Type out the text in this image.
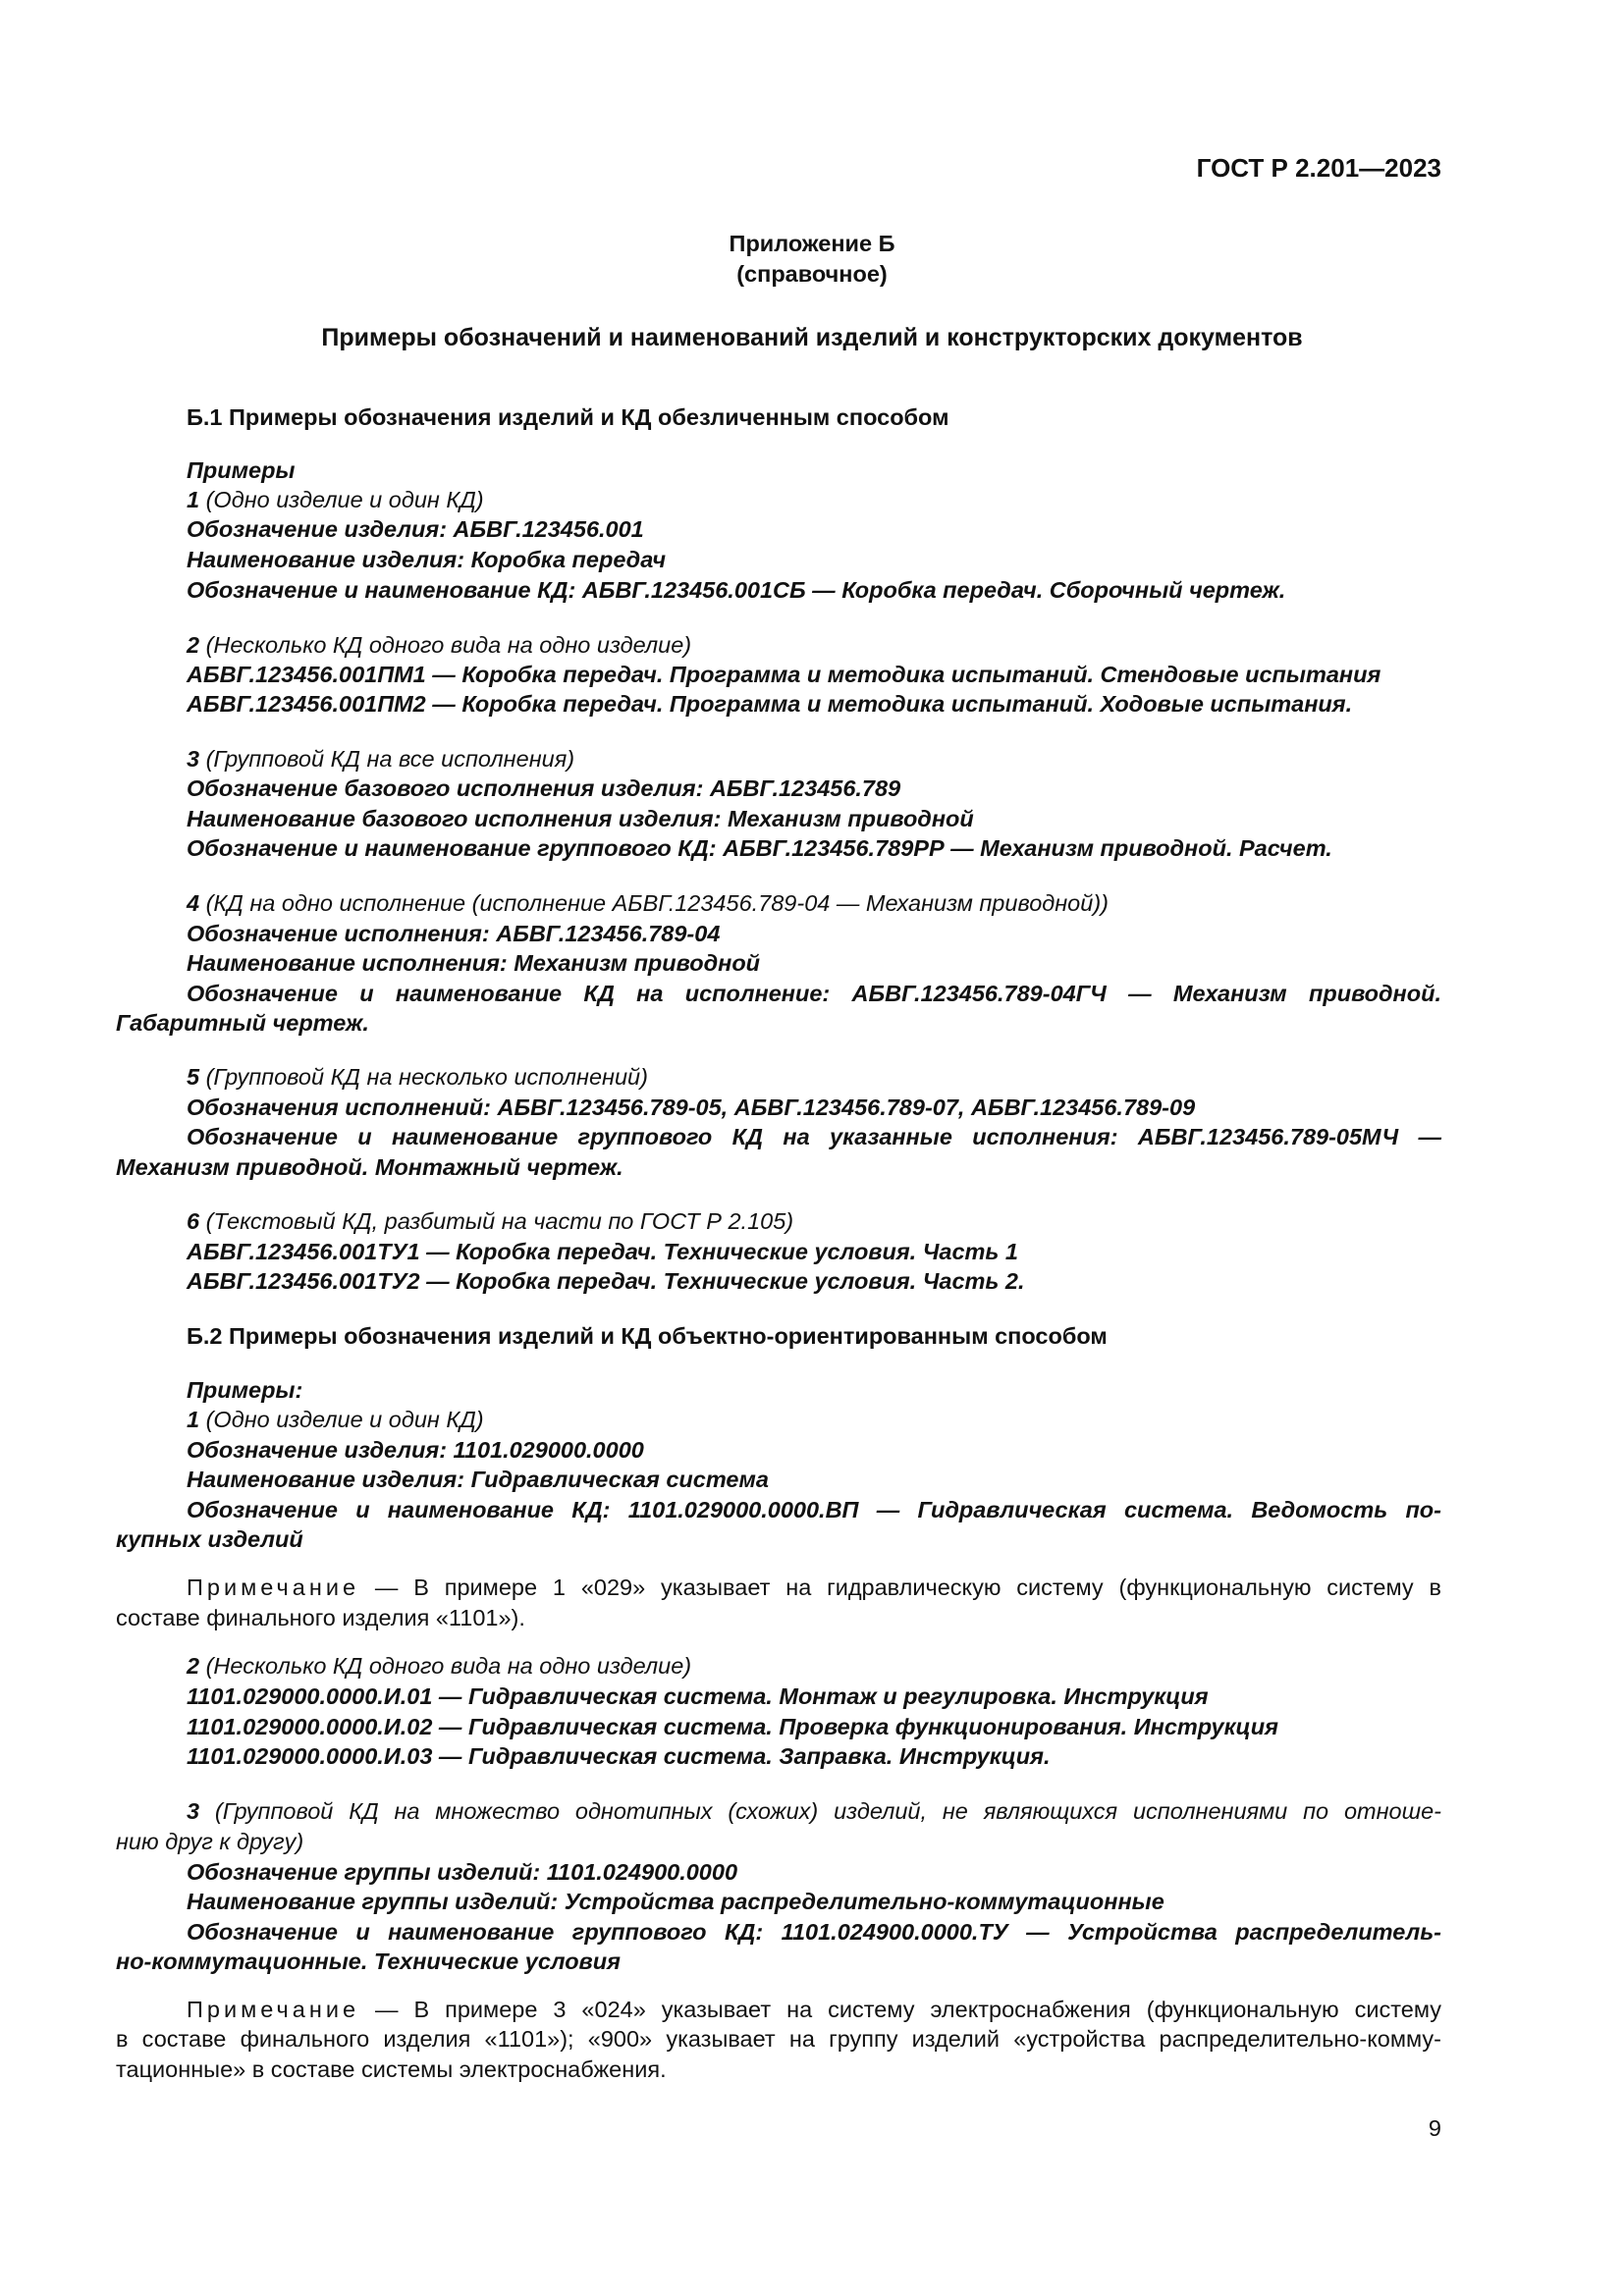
ГОСТ Р 2.201—2023
Приложение Б
(справочное)
Примеры обозначений и наименований изделий и конструкторских документов
Б.1 Примеры обозначения изделий и КД обезличенным способом
Примеры
1 (Одно изделие и один КД)
Обозначение изделия: АБВГ.123456.001
Наименование изделия: Коробка передач
Обозначение и наименование КД: АБВГ.123456.001СБ — Коробка передач. Сборочный чертеж.
2 (Несколько КД одного вида на одно изделие)
АБВГ.123456.001ПМ1 — Коробка передач. Программа и методика испытаний. Стендовые испытания
АБВГ.123456.001ПМ2 — Коробка передач. Программа и методика испытаний. Ходовые испытания.
3 (Групповой КД на все исполнения)
Обозначение базового исполнения изделия: АБВГ.123456.789
Наименование базового исполнения изделия: Механизм приводной
Обозначение и наименование группового КД: АБВГ.123456.789РР — Механизм приводной. Расчет.
4 (КД на одно исполнение (исполнение АБВГ.123456.789-04 — Механизм приводной))
Обозначение исполнения: АБВГ.123456.789-04
Наименование исполнения: Механизм приводной
Обозначение и наименование КД на исполнение: АБВГ.123456.789-04ГЧ — Механизм приводной.
Габаритный чертеж.
5 (Групповой КД на несколько исполнений)
Обозначения исполнений: АБВГ.123456.789-05, АБВГ.123456.789-07, АБВГ.123456.789-09
Обозначение и наименование группового КД на указанные исполнения: АБВГ.123456.789-05МЧ —
Механизм приводной. Монтажный чертеж.
6 (Текстовый КД, разбитый на части по ГОСТ Р 2.105)
АБВГ.123456.001ТУ1 — Коробка передач. Технические условия. Часть 1
АБВГ.123456.001ТУ2 — Коробка передач. Технические условия. Часть 2.
Б.2 Примеры обозначения изделий и КД объектно-ориентированным способом
Примеры:
1 (Одно изделие и один КД)
Обозначение изделия: 1101.029000.0000
Наименование изделия: Гидравлическая система
Обозначение и наименование КД: 1101.029000.0000.ВП — Гидравлическая система. Ведомость по-
купных изделий
Примечание — В примере 1 «029» указывает на гидравлическую систему (функциональную систему в
составе финального изделия «1101»).
2 (Несколько КД одного вида на одно изделие)
1101.029000.0000.И.01 — Гидравлическая система. Монтаж и регулировка. Инструкция
1101.029000.0000.И.02 — Гидравлическая система. Проверка функционирования. Инструкция
1101.029000.0000.И.03 — Гидравлическая система. Заправка. Инструкция.
3 (Групповой КД на множество однотипных (схожих) изделий, не являющихся исполнениями по отноше-
нию друг к другу)
Обозначение группы изделий: 1101.024900.0000
Наименование группы изделий: Устройства распределительно-коммутационные
Обозначение и наименование группового КД: 1101.024900.0000.ТУ — Устройства распределитель-
но-коммутационные. Технические условия
Примечание — В примере 3 «024» указывает на систему электроснабжения (функциональную систему
в составе финального изделия «1101»); «900» указывает на группу изделий «устройства распределительно-комму-
тационные» в составе системы электроснабжения.
9
